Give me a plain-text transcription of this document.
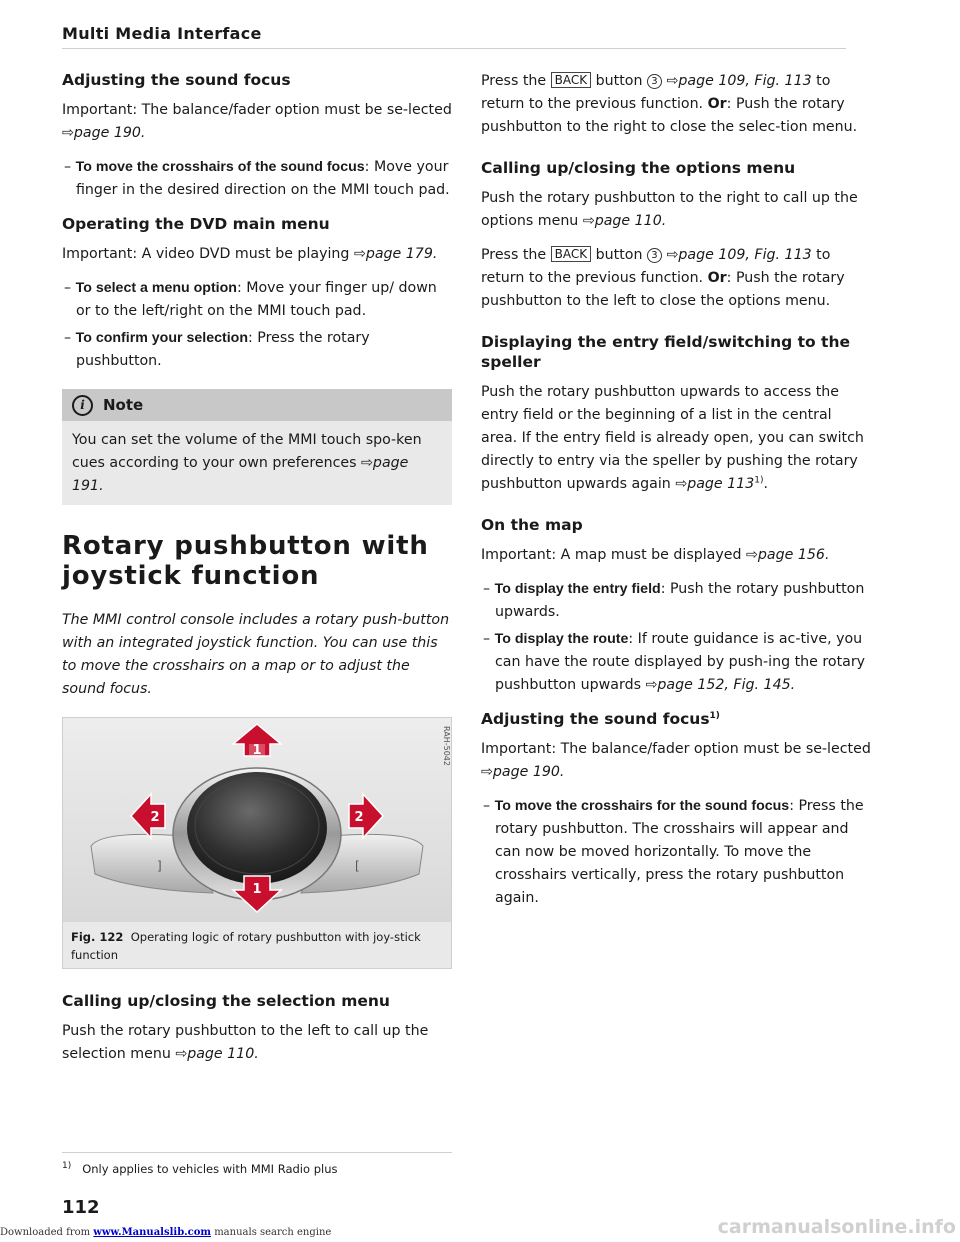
Multi Media Interface
Adjusting the sound focus

Important: The balance/fader option must be se-lected ⇨page 190.

– To move the crosshairs of the sound focus: Move your finger in the desired direction on the MMI touch pad.
Operating the DVD main menu

Important: A video DVD must be playing ⇨page 179.

– To select a menu option: Move your finger up/ down or to the left/right on the MMI touch pad.
– To confirm your selection: Press the rotary pushbutton.
i	Note
You can set the volume of the MMI touch spo-ken cues according to your own preferences ⇨page 191.
Rotary pushbutton with joystick function
The MMI control console includes a rotary push-button with an integrated joystick function. You can use this to move the crosshairs on a map or to adjust the sound focus.
]	[
1
1
2	2
RAH-5042
Fig. 122 Operating logic of rotary pushbutton with joy-stick function
Calling up/closing the selection menu

Push the rotary pushbutton to the left to call up the selection menu ⇨page 110.

Press the BACK button 3 ⇨page 109, Fig. 113 to return to the previous function. Or: Push the rotary pushbutton to the right to close the selec-tion menu.

Calling up/closing the options menu

Push the rotary pushbutton to the right to call up the options menu ⇨page 110.

Press the BACK button 3 ⇨page 109, Fig. 113 to return to the previous function. Or: Push the rotary pushbutton to the left to close the options menu.

Displaying the entry field/switching to the speller

Push the rotary pushbutton upwards to access the entry field or the beginning of a list in the central area. If the entry field is already open, you can switch directly to entry via the speller by pushing the rotary pushbutton upwards again ⇨page 113$^{1)}$.

On the map

Important: A map must be displayed ⇨page 156.

– To display the entry field: Push the rotary pushbutton upwards.
– To display the route: If route guidance is ac-tive, you can have the route displayed by push-ing the rotary pushbutton upwards ⇨page 152, Fig. 145.
Adjusting the sound focus$^{1)}$

Important: The balance/fader option must be se-lected ⇨page 190.

– To move the crosshairs for the sound focus: Press the rotary pushbutton. The crosshairs will appear and can now be moved horizontally. To move the crosshairs vertically, press the rotary pushbutton again.
$^{1)}$ Only applies to vehicles with MMI Radio plus
112
Downloaded from www.Manualslib.com manuals search engine	carmanualsonline.info
